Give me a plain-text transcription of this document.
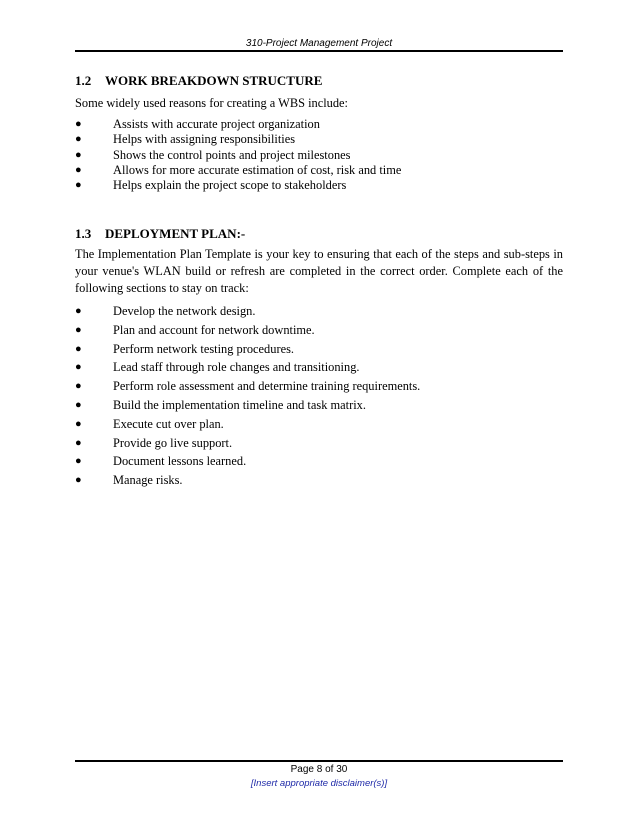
310-Project Management Project
1.2	WORK BREAKDOWN STRUCTURE

Some widely used reasons for creating a WBS include:

●	Assists with accurate project organization
●	Helps with assigning responsibilities
●	Shows the control points and project milestones
●	Allows for more accurate estimation of cost, risk and time
●	Helps explain the project scope to stakeholders
1.3	DEPLOYMENT PLAN:-

The Implementation Plan Template is your key to ensuring that each of the steps and sub-steps in your venue's WLAN build or refresh are completed in the correct order. Complete each of the following sections to stay on track:

●	Develop the network design.
●	Plan and account for network downtime.
●	Perform network testing procedures.
●	Lead staff through role changes and transitioning.
●	Perform role assessment and determine training requirements.
●	Build the implementation timeline and task matrix.
●	Execute cut over plan.
●	Provide go live support.
●	Document lessons learned.
●	Manage risks.
Page 8 of 30
[Insert appropriate disclaimer(s)]
